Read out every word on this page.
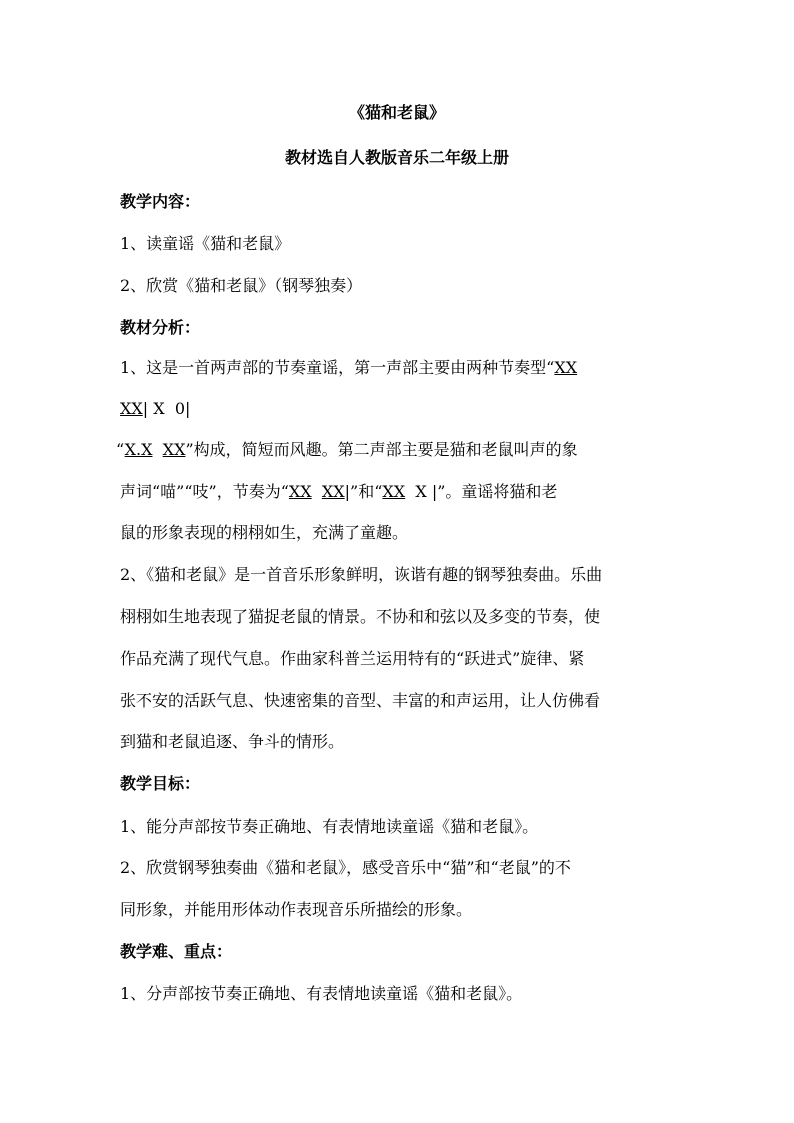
《猫和老鼠》
教材选自人教版音乐二年级上册
教学内容：
1、读童谣《猫和老鼠》
2、欣赏《猫和老鼠》（钢琴独奏）
教材分析：
1、这是一首两声部的节奏童谣，第一声部主要由两种节奏型“XX
XX| X  0|
“X.X XX”构成，简短而风趣。第二声部主要是猫和老鼠叫声的象
声词“喵”“吱”，节奏为“XX XX|”和“XX  X |”。童谣将猫和老
鼠的形象表现的栩栩如生，充满了童趣。
2、《猫和老鼠》是一首音乐形象鲜明，诙谐有趣的钢琴独奏曲。乐曲
栩栩如生地表现了猫捉老鼠的情景。不协和和弦以及多变的节奏，使
作品充满了现代气息。作曲家科普兰运用特有的“跃进式”旋律、紧
张不安的活跃气息、快速密集的音型、丰富的和声运用，让人仿佛看
到猫和老鼠追逐、争斗的情形。
教学目标：
1、能分声部按节奏正确地、有表情地读童谣《猫和老鼠》。
2、欣赏钢琴独奏曲《猫和老鼠》，感受音乐中“猫”和“老鼠”的不
同形象，并能用形体动作表现音乐所描绘的形象。
教学难、重点：
1、分声部按节奏正确地、有表情地读童谣《猫和老鼠》。
